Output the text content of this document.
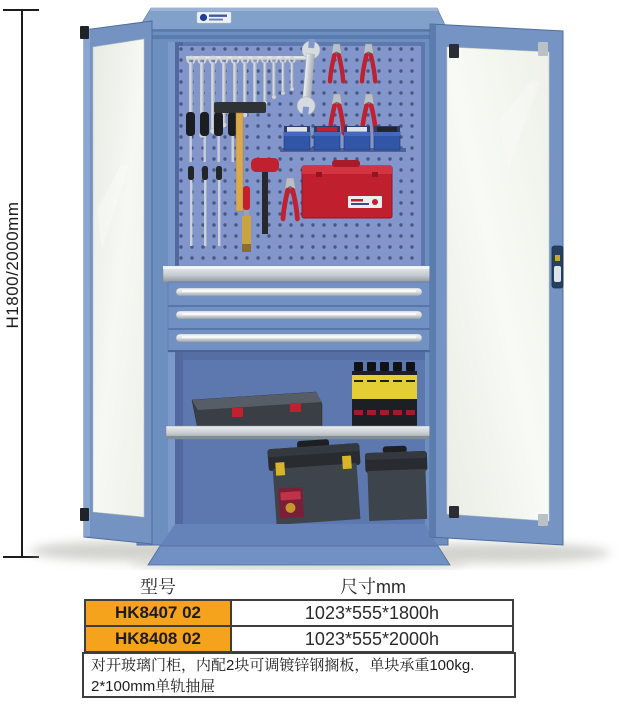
H1800/2000mm
型号	尺寸mm
HK8407 02	1023*555*1800h
HK8408 02	1023*555*2000h
对开玻璃门柜，内配2块可调镀锌钢搁板，单块承重100kg.
2*100mm单轨抽屉
